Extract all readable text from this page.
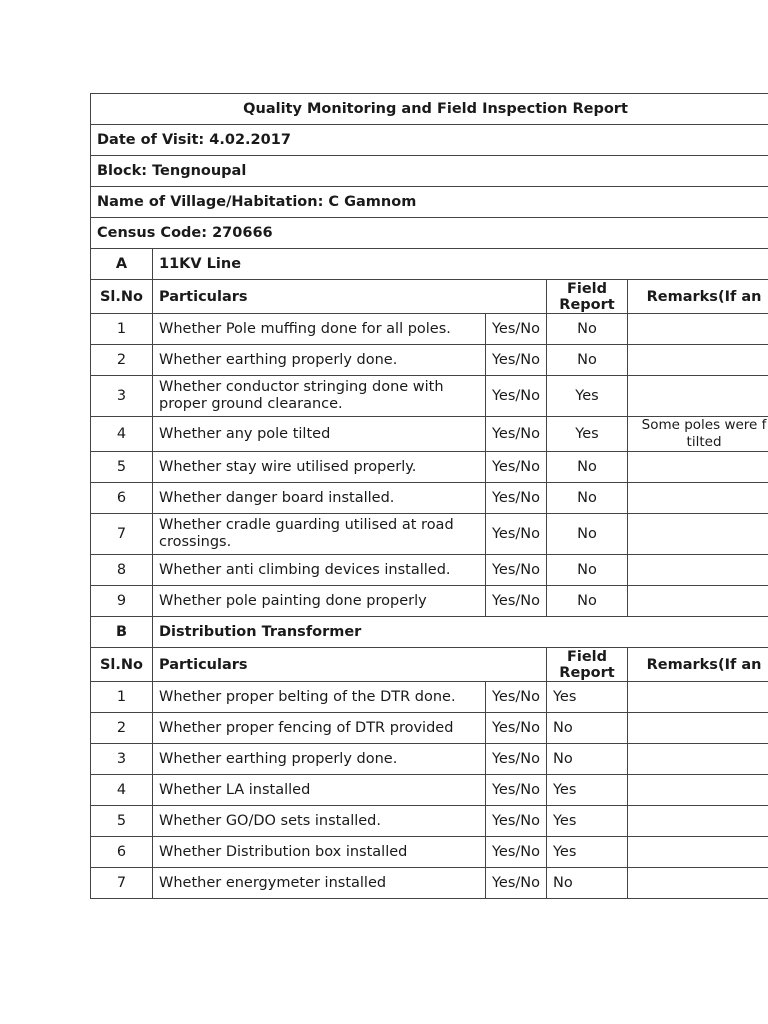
Quality Monitoring and Field Inspection Report				
Date of Visit: 4.02.2017				
Block: Tengnoupal				
Name of Village/Habitation: C Gamnom				
Census Code: 270666				
A	11KV Line			
Sl.No	Particulars		Field Report	Remarks(If an
1	Whether Pole muffing done for all poles.	Yes/No	No	
2	Whether earthing properly done.	Yes/No	No	
3	Whether conductor stringing done with proper ground clearance.	Yes/No	Yes	
4	Whether any pole tilted	Yes/No	Yes	Some poles were f tilted
5	Whether stay wire utilised properly.	Yes/No	No	
6	Whether danger board installed.	Yes/No	No	
7	Whether cradle guarding utilised at road crossings.	Yes/No	No	
8	Whether anti climbing devices installed.	Yes/No	No	
9	Whether pole painting done properly	Yes/No	No	
B	Distribution Transformer			
Sl.No	Particulars		Field Report	Remarks(If an
1	Whether proper belting of the DTR done.	Yes/No	Yes	
2	Whether proper fencing of DTR provided	Yes/No	No	
3	Whether earthing properly done.	Yes/No	No	
4	Whether LA installed	Yes/No	Yes	
5	Whether GO/DO sets installed.	Yes/No	Yes	
6	Whether Distribution box installed	Yes/No	Yes	
7	Whether energymeter installed	Yes/No	No	
